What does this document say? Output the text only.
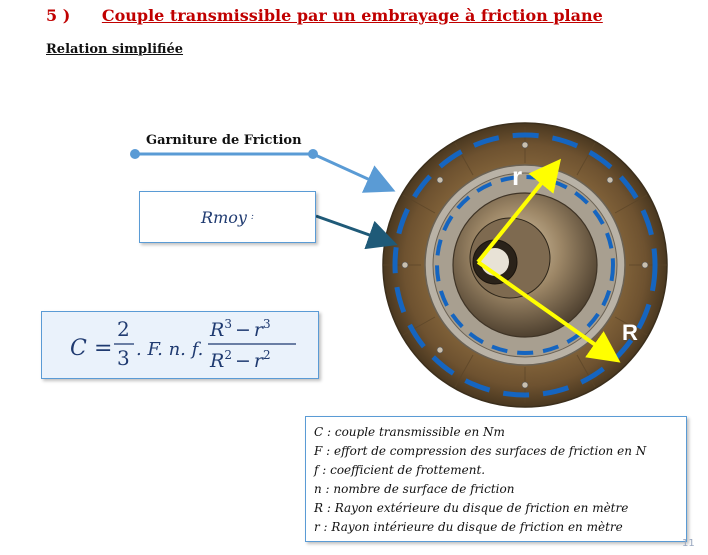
5 ) Couple transmissible par un embrayage à friction plane
Relation simplifiée
r
R
Garniture de Friction
Rmoy :
C =
2
3 . F. n. f.
$R^3 - r^3$
$R^2 - r^2$
C : couple transmissible en Nm
F : effort de compression des surfaces de friction en N
f : coefficient de frottement.
n : nombre de surface de friction
R : Rayon extérieure du disque de friction en mètre
r : Rayon intérieure du disque de friction en mètre
11
